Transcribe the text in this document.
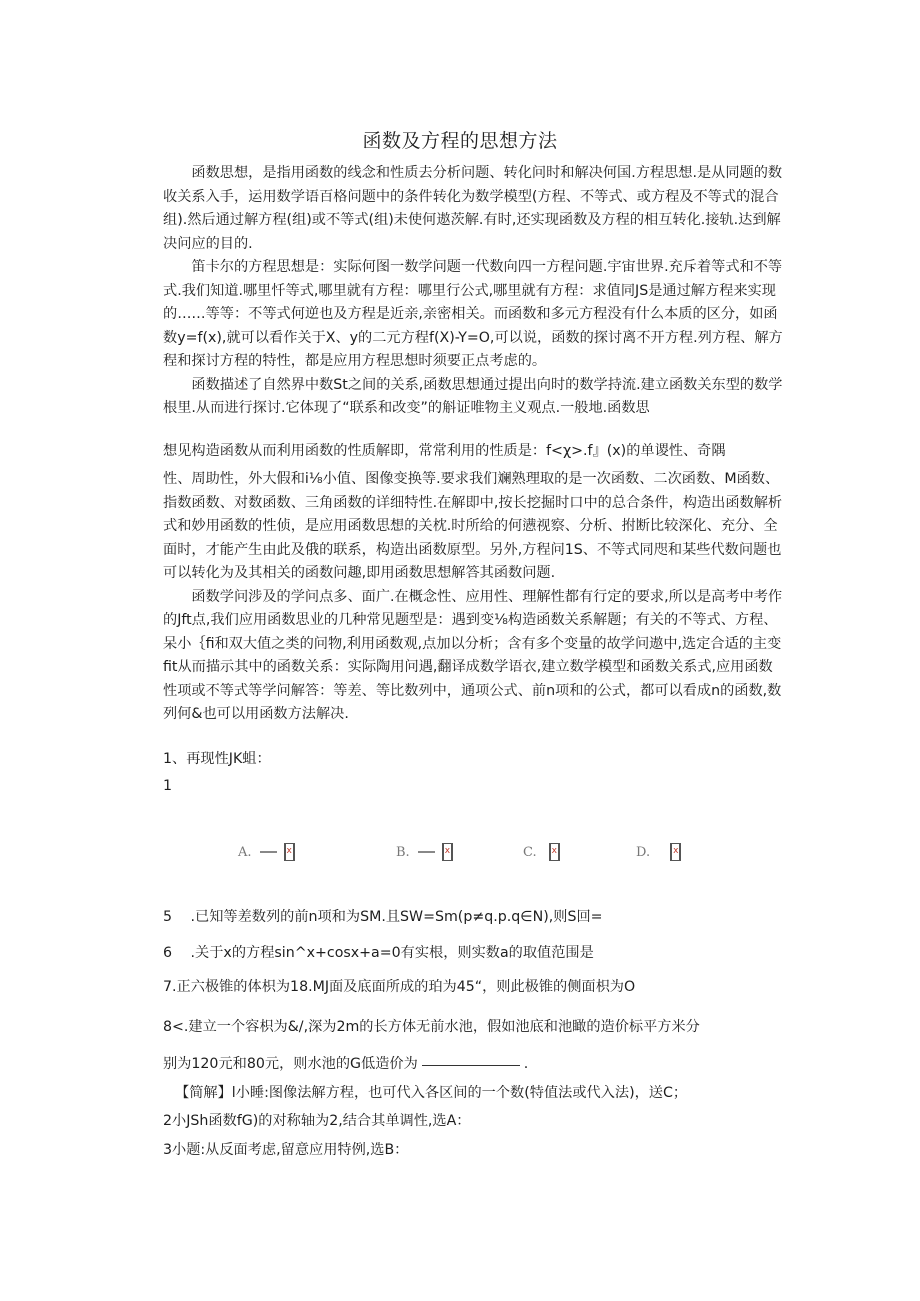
函数及方程的思想方法

函数思想，是指用函数的线念和性质去分析问题、转化问时和解决何国.方程思想.是从同题的数收关系入手，运用数学语百格问题中的条件转化为数学模型(方程、不等式、或方程及不等式的混合组).然后通过解方程(组)或不等式(组)未使何遨茨解.有时,还实现函数及方程的相互转化.接轨.达到解决问应的目的.

笛卡尔的方程思想是：实际何图一数学问题一代数向四一方程问题.宇宙世界.充斥着等式和不等式.我们知道.哪里忏等式,哪里就有方程：哪里行公式,哪里就有方程：求值同JS是通过解方程来实现的……等等：不等式何逆也及方程是近亲,亲密相关。而函数和多元方程没有什么本质的区分，如函数y=f(x),就可以看作关于X、y的二元方程f(X)-Y=O,可以说，函数的探讨离不开方程.列方程、解方程和探讨方程的特性，都是应用方程思想时须要正点考虑的。

函数描述了自然界中数St之间的关系,函数思想通过提出向时的数学持流.建立函数关东型的数学根里.从而进行探讨.它体现了“联系和改变”的斛证唯物主义观点.一般地.函数思

想见构造函数从而利用函数的性质解即，常常利用的性质是：f<χ>.f』(x)的单谡性、奇隅

性、周助性，外大假和i⅛小值、图像变换等.要求我们斓熟理取的是一次函数、二次函数、M函数、指数函数、对数函数、三角函数的详细特性.在解即中,按长挖掘时口中的总合条件，构造出函数解析式和妙用函数的性侦，是应用函数思想的关枕.时所给的何懑视察、分析、拊断比较深化、充分、全面时，才能产生由此及俄的联系，构造出函数原型。另外,方程问1S、不等式同咫和某些代数问题也可以转化为及其相关的函数问趣,即用函数思想解答其函数问题.

函数学问涉及的学问点多、面广.在概念性、应用性、理解性都有行定的要求,所以是高考中考作的Jft点,我们应用函数思业的几种常见题型是：遇到变⅛构造函数关系解题；有关的不等式、方程、呆小｛fi和双大值之类的问物,利用函数观,点加以分析；含有多个变量的故学问遨中,选定合适的主变fit从而描示其中的函数关系：实际陶用问遇,翻译成数学语衣,建立数学模型和函数关系式,应用函数性项或不等式等学问解答：等差、等比数列中，通项公式、前n项和的公式，都可以看成n的函数,数列何&也可以用函数方法解决.

1、再现性JK蛆：
1
A. x	B. x	C. x	D.
x
5 .已知等差数列的前n项和为SM.且SW=Sm(p≠q.p.q∈N),则S回=
6 .关于x的方程sin^x+cosx+a=0有实根，则实数a的取值范围是
7.正六极锥的体枳为18.MJ面及底面所成的珀为45“，则此极锥的侧面枳为O
8<.建立一个容枳为&/,深为2m的长方体无前水池，假如池底和池瞰的造价标平方米分
别为120元和80元，则水池的G低造价为	.
【简解】l小睡:图像法解方程，也可代入各区间的一个数(特值法或代入法)，送C；
2小JSh函数fG)的对称轴为2,结合其单调性,选A：
3小题:从反面考虑,留意应用特例,选B：
